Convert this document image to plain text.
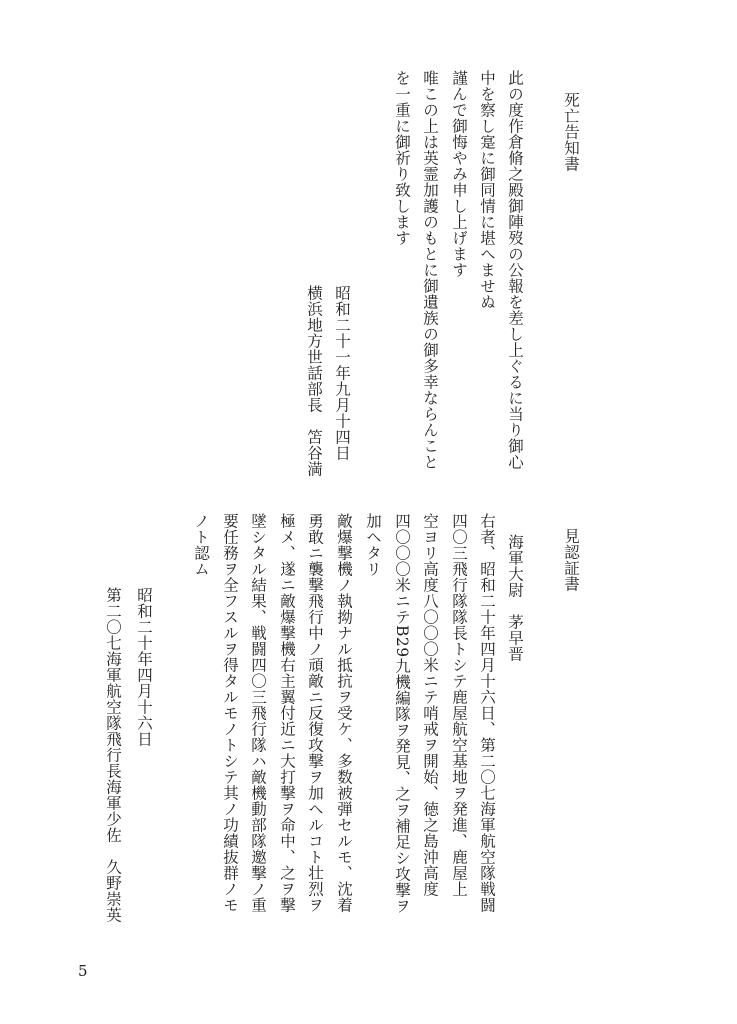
死亡告知書
此の度作倉脩之殿御陣歿の公報を差し上ぐるに当り御心
中を察し寔に御同情に堪へませぬ
謹んで御悔やみ申し上げます
唯この上は英霊加護のもとに御遺族の御多幸ならんこと
を一重に御祈り致します
昭和二十一年九月十四日
横浜地方世話部長　笘谷満
見認証書
海軍大尉　茅早晋
右者、昭和二十年四月十六日、第二〇七海軍航空隊戦闘
四〇三飛行隊隊長トシテ鹿屋航空基地ヲ発進、鹿屋上
空ヨリ高度八〇〇〇米ニテ哨戒ヲ開始、徳之島沖高度
四〇〇〇米ニテB29九機編隊ヲ発見、之ヲ補足シ攻撃ヲ
加ヘタリ
敵爆撃機ノ執拗ナル抵抗ヲ受ケ、多数被弾セルモ、沈着
勇敢ニ襲撃飛行中ノ頑敵ニ反復攻撃ヲ加ヘルコト壮烈ヲ
極メ、遂ニ敵爆撃機右主翼付近ニ大打撃ヲ命中、之ヲ撃
墜シタル結果、戦闘四〇三飛行隊ハ敵機動部隊邀撃ノ重
要任務ヲ全フスルヲ得タルモノトシテ其ノ功績抜群ノモ
ノト認ム
昭和二十年四月十六日
第二〇七海軍航空隊飛行長海軍少佐　久野崇英
5
